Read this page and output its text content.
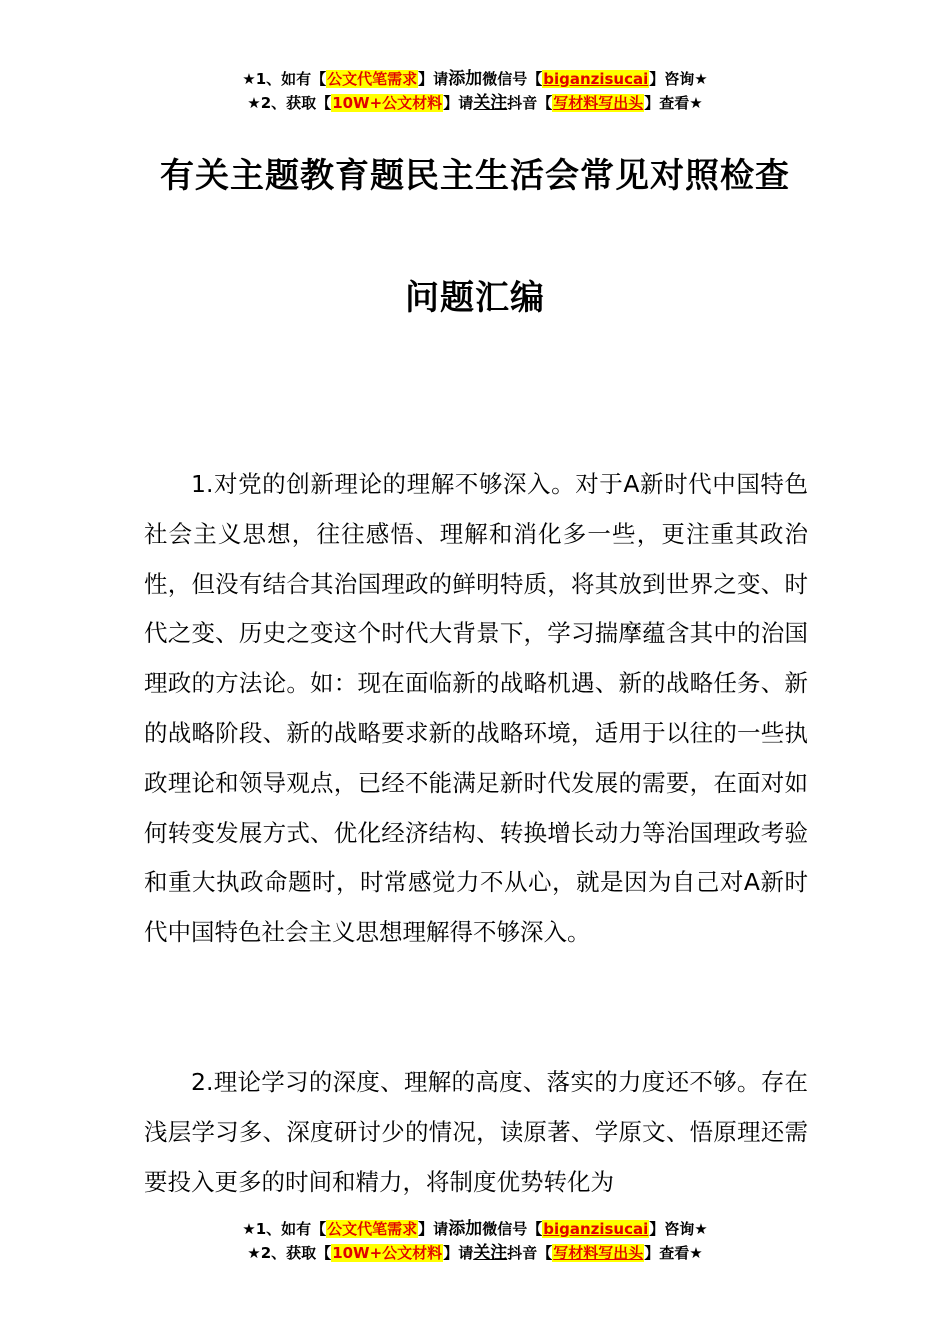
★1、如有【公文代笔需求】请添加微信号【biganzisucai】咨询★
★2、获取【10W+公文材料】请关注抖音【写材料写出头】查看★
有关主题教育题民主生活会常见对照检查
问题汇编
1.对党的创新理论的理解不够深入。对于A新时代中国特色社会主义思想，往往感悟、理解和消化多一些，更注重其政治性，但没有结合其治国理政的鲜明特质，将其放到世界之变、时代之变、历史之变这个时代大背景下，学习揣摩蕴含其中的治国理政的方法论。如：现在面临新的战略机遇、新的战略任务、新的战略阶段、新的战略要求新的战略环境，适用于以往的一些执政理论和领导观点，已经不能满足新时代发展的需要，在面对如何转变发展方式、优化经济结构、转换增长动力等治国理政考验和重大执政命题时，时常感觉力不从心，就是因为自己对A新时代中国特色社会主义思想理解得不够深入。
2.理论学习的深度、理解的高度、落实的力度还不够。存在浅层学习多、深度研讨少的情况，读原著、学原文、悟原理还需要投入更多的时间和精力，将制度优势转化为
★1、如有【公文代笔需求】请添加微信号【biganzisucai】咨询★
★2、获取【10W+公文材料】请关注抖音【写材料写出头】查看★
